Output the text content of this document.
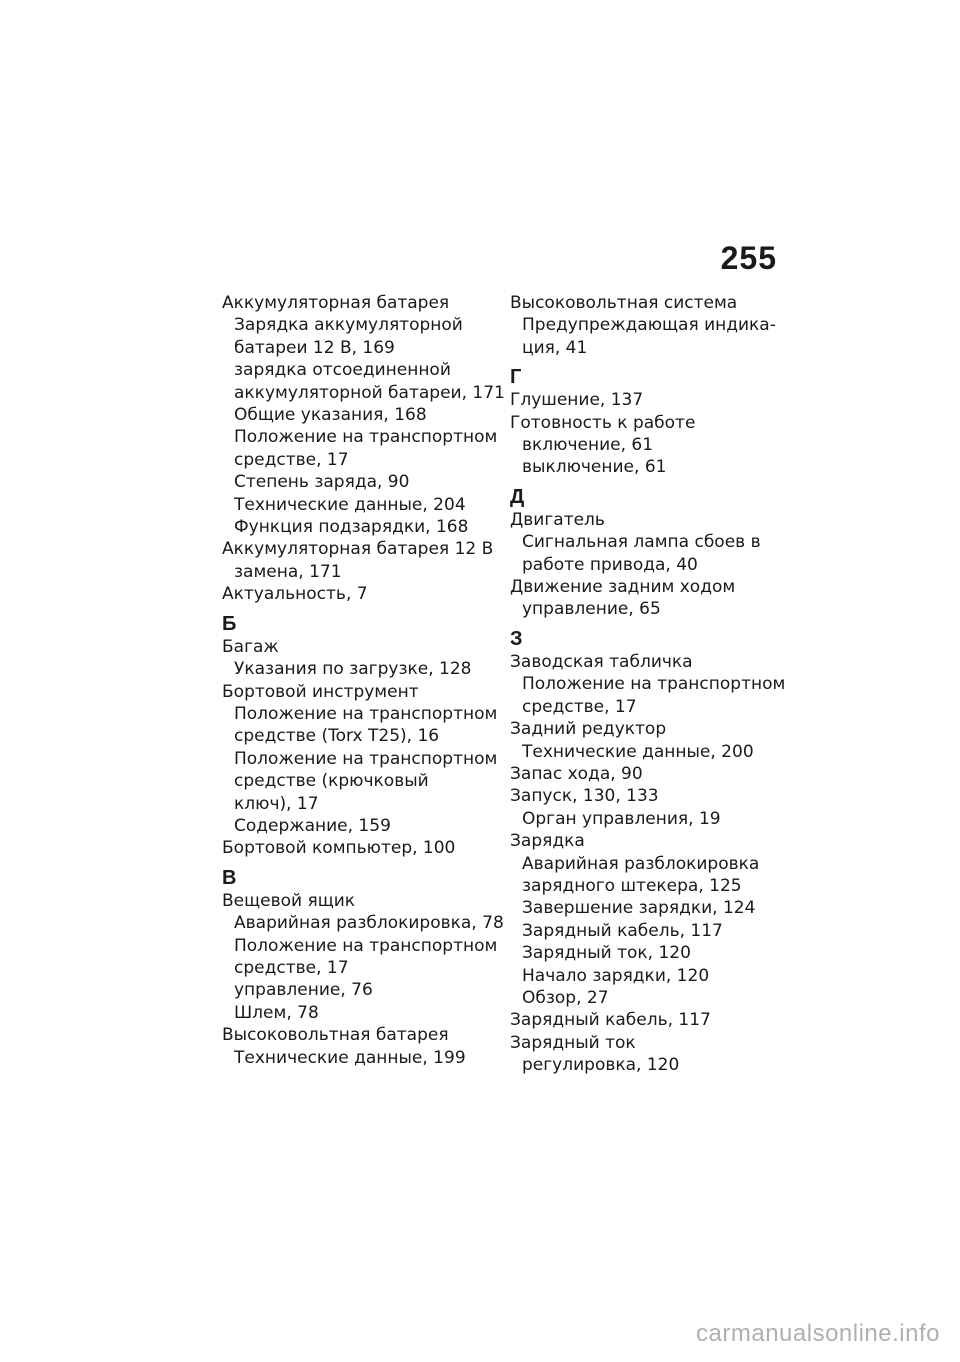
255
Аккумуляторная батарея
Зарядка аккумуляторной
батареи 12 В, 169
зарядка отсоединенной
аккумуляторной батареи, 171
Общие указания, 168
Положение на транспортном
средстве, 17
Степень заряда, 90
Технические данные, 204
Функция подзарядки, 168
Аккумуляторная батарея 12 В
замена, 171
Актуальность, 7
Б
Багаж
Указания по загрузке, 128
Бортовой инструмент
Положение на транспортном
средстве (Torx T25), 16
Положение на транспортном
средстве (крючковый
ключ), 17
Содержание, 159
Бортовой компьютер, 100
В
Вещевой ящик
Аварийная разблокировка, 78
Положение на транспортном
средстве, 17
управление, 76
Шлем, 78
Высоковольтная батарея
Технические данные, 199
Высоковольтная система
Предупреждающая индика-
ция, 41
Г
Глушение, 137
Готовность к работе
включение, 61
выключение, 61
Д
Двигатель
Сигнальная лампа сбоев в
работе привода, 40
Движение задним ходом
управление, 65
З
Заводская табличка
Положение на транспортном
средстве, 17
Задний редуктор
Технические данные, 200
Запас хода, 90
Запуск, 130, 133
Орган управления, 19
Зарядка
Аварийная разблокировка
зарядного штекера, 125
Завершение зарядки, 124
Зарядный кабель, 117
Зарядный ток, 120
Начало зарядки, 120
Обзор, 27
Зарядный кабель, 117
Зарядный ток
регулировка, 120
carmanualsonline.info
